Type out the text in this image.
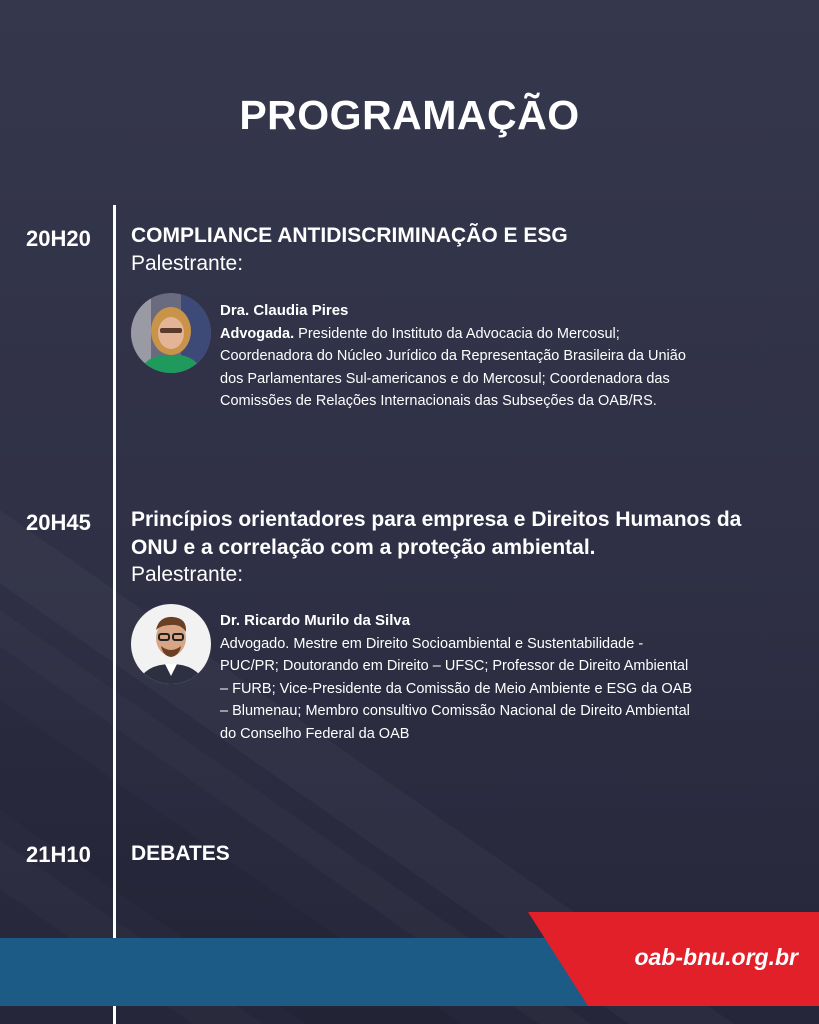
PROGRAMAÇÃO
20H20 COMPLIANCE ANTIDISCRIMINAÇÃO E ESG
Palestrante:
Dra. Claudia Pires
Advogada. Presidente do Instituto da Advocacia do Mercosul; Coordenadora do Núcleo Jurídico da Representação Brasileira da União dos Parlamentares Sul-americanos e do Mercosul; Coordenadora das Comissões de Relações Internacionais das Subseções da OAB/RS.
20H45 Princípios orientadores para empresa e Direitos Humanos da ONU e a correlação com a proteção ambiental.
Palestrante:
Dr. Ricardo Murilo da Silva
Advogado. Mestre em Direito Socioambiental e Sustentabilidade - PUC/PR; Doutorando em Direito – UFSC; Professor de Direito Ambiental – FURB; Vice-Presidente da Comissão de Meio Ambiente e ESG da OAB – Blumenau; Membro consultivo Comissão Nacional de Direito Ambiental do Conselho Federal da OAB
21H10 DEBATES
oab-bnu.org.br
